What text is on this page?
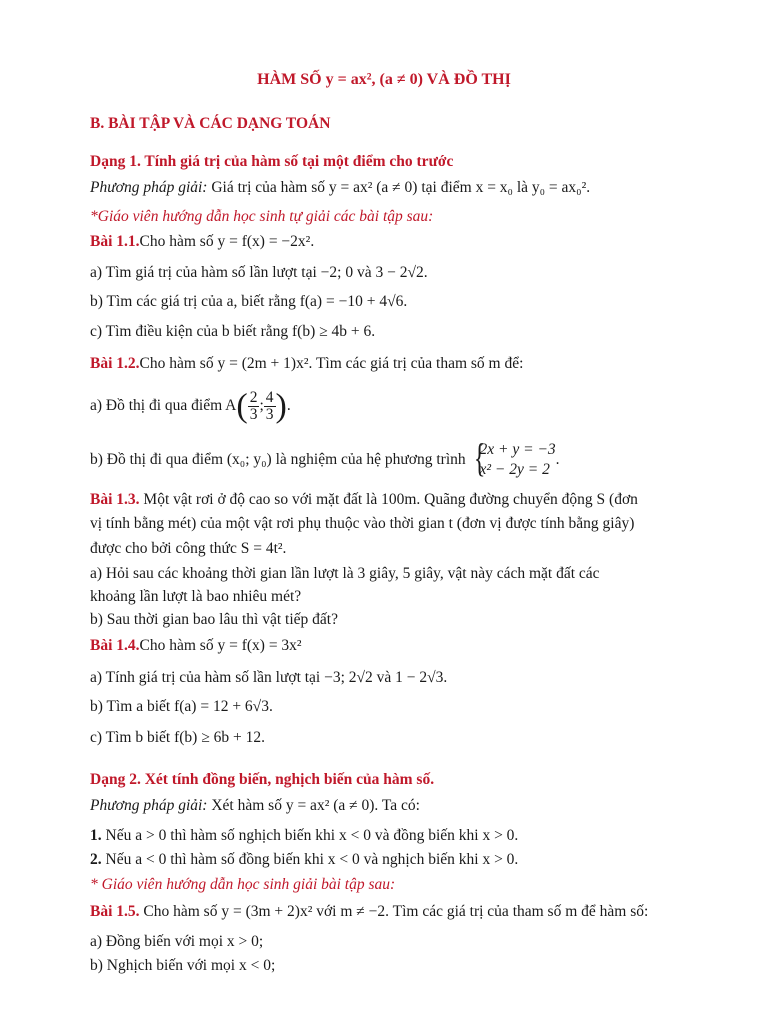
HÀM SỐ y = ax², (a ≠ 0) VÀ ĐỒ THỊ
B. BÀI TẬP VÀ CÁC DẠNG TOÁN
Dạng 1. Tính giá trị của hàm số tại một điểm cho trước
Phương pháp giải: Giá trị của hàm số y = ax² (a ≠ 0) tại điểm x = x₀ là y₀ = ax₀².
*Giáo viên hướng dẫn học sinh tự giải các bài tập sau:
Bài 1.1.Cho hàm số y = f(x) = −2x².
a) Tìm giá trị của hàm số lần lượt tại −2; 0 và 3 − 2√2.
b) Tìm các giá trị của a, biết rằng f(a) = −10 + 4√6.
c) Tìm điều kiện của b biết rằng f(b) ≥ 4b + 6.
Bài 1.2.Cho hàm số y = (2m + 1)x². Tìm các giá trị của tham số m để:
a) Đồ thị đi qua điểm $A( \frac{2}{3}$ ; $\frac{4}{3}$ ).
b) Đồ thị đi qua điểm (x₀; y₀) là nghiệm của hệ phương trình {
2x + y = −3
x² − 2y = 2
.
Bài 1.3. Một vật rơi ở độ cao so với mặt đất là 100m. Quãng đường chuyển động S (đơn
vị tính bằng mét) của một vật rơi phụ thuộc vào thời gian t (đơn vị được tính bằng giây)
được cho bởi công thức S = 4t².
a) Hỏi sau các khoảng thời gian lần lượt là 3 giây, 5 giây, vật này cách mặt đất các
khoảng lần lượt là bao nhiêu mét?
b) Sau thời gian bao lâu thì vật tiếp đất?
Bài 1.4.Cho hàm số y = f(x) = 3x²
a) Tính giá trị của hàm số lần lượt tại −3; 2√2 và 1 − 2√3.
b) Tìm a biết f(a) = 12 + 6√3.
c) Tìm b biết f(b) ≥ 6b + 12.
Dạng 2. Xét tính đồng biến, nghịch biến của hàm số.
Phương pháp giải: Xét hàm số y = ax² (a ≠ 0). Ta có:
1. Nếu a > 0 thì hàm số nghịch biến khi x < 0 và đồng biến khi x > 0.
2. Nếu a < 0 thì hàm số đồng biến khi x < 0 và nghịch biến khi x > 0.
* Giáo viên hướng dẫn học sinh giải bài tập sau:
Bài 1.5. Cho hàm số y = (3m + 2)x² với m ≠ −2. Tìm các giá trị của tham số m để hàm số:
a) Đồng biến với mọi x > 0;
b) Nghịch biến với mọi x < 0;
